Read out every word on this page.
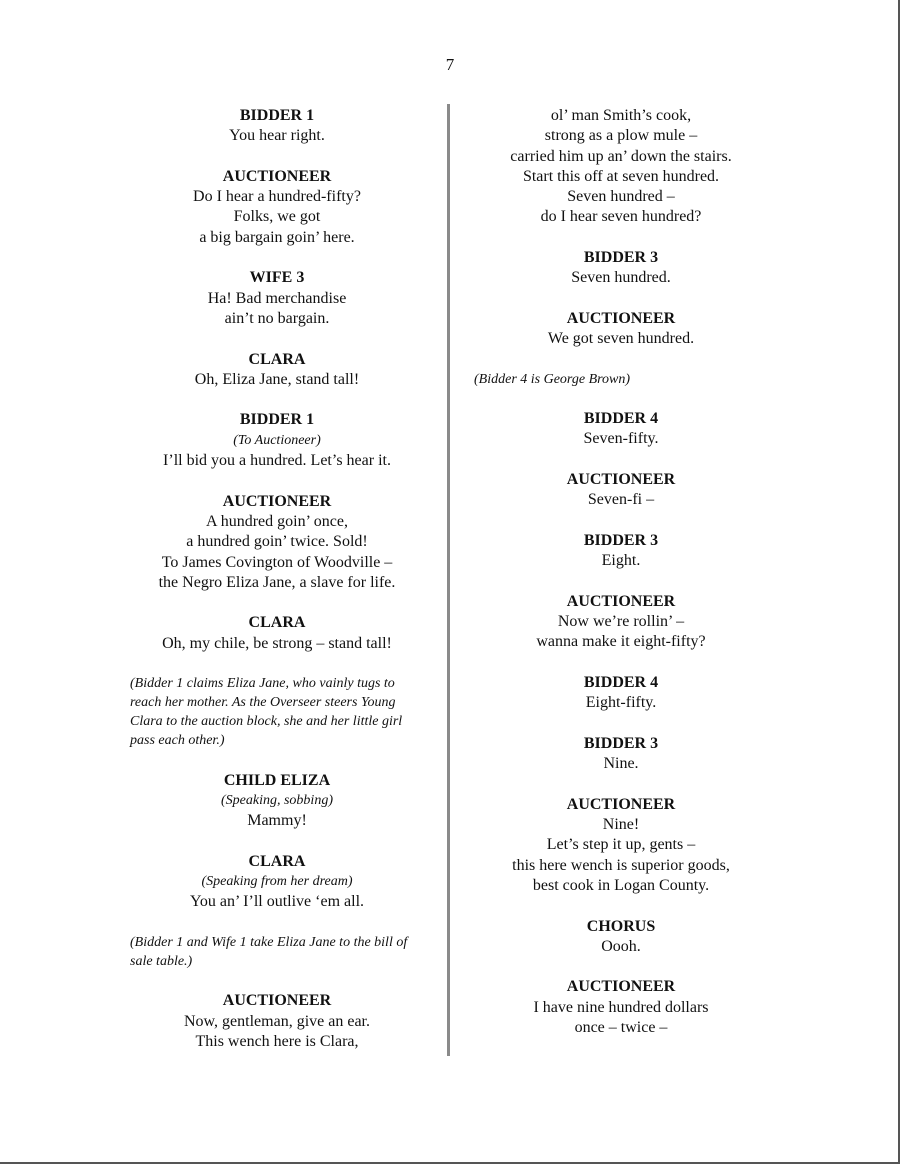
7
BIDDER 1
You hear right.
AUCTIONEER
Do I hear a hundred-fifty?
Folks, we got
a big bargain goin’ here.
WIFE 3
Ha! Bad merchandise
ain’t no bargain.
CLARA
Oh, Eliza Jane, stand tall!
BIDDER 1
(To Auctioneer)
I’ll bid you a hundred. Let’s hear it.
AUCTIONEER
A hundred goin’ once,
a hundred goin’ twice. Sold!
To James Covington of Woodville –
the Negro Eliza Jane, a slave for life.
CLARA
Oh, my chile, be strong – stand tall!
(Bidder 1 claims Eliza Jane, who vainly tugs to reach her mother. As the Overseer steers Young Clara to the auction block, she and her little girl pass each other.)
CHILD ELIZA
(Speaking, sobbing)
Mammy!
CLARA
(Speaking from her dream)
You an’ I’ll outlive ‘em all.
(Bidder 1 and Wife 1 take Eliza Jane to the bill of sale table.)
AUCTIONEER
Now, gentleman, give an ear.
This wench here is Clara,
ol’ man Smith’s cook,
strong as a plow mule –
carried him up an’ down the stairs.
Start this off at seven hundred.
Seven hundred –
do I hear seven hundred?
BIDDER 3
Seven hundred.
AUCTIONEER
We got seven hundred.
(Bidder 4 is George Brown)
BIDDER 4
Seven-fifty.
AUCTIONEER
Seven-fi –
BIDDER 3
Eight.
AUCTIONEER
Now we’re rollin’ –
wanna make it eight-fifty?
BIDDER 4
Eight-fifty.
BIDDER 3
Nine.
AUCTIONEER
Nine!
Let’s step it up, gents –
this here wench is superior goods,
best cook in Logan County.
CHORUS
Oooh.
AUCTIONEER
I have nine hundred dollars
once – twice –
